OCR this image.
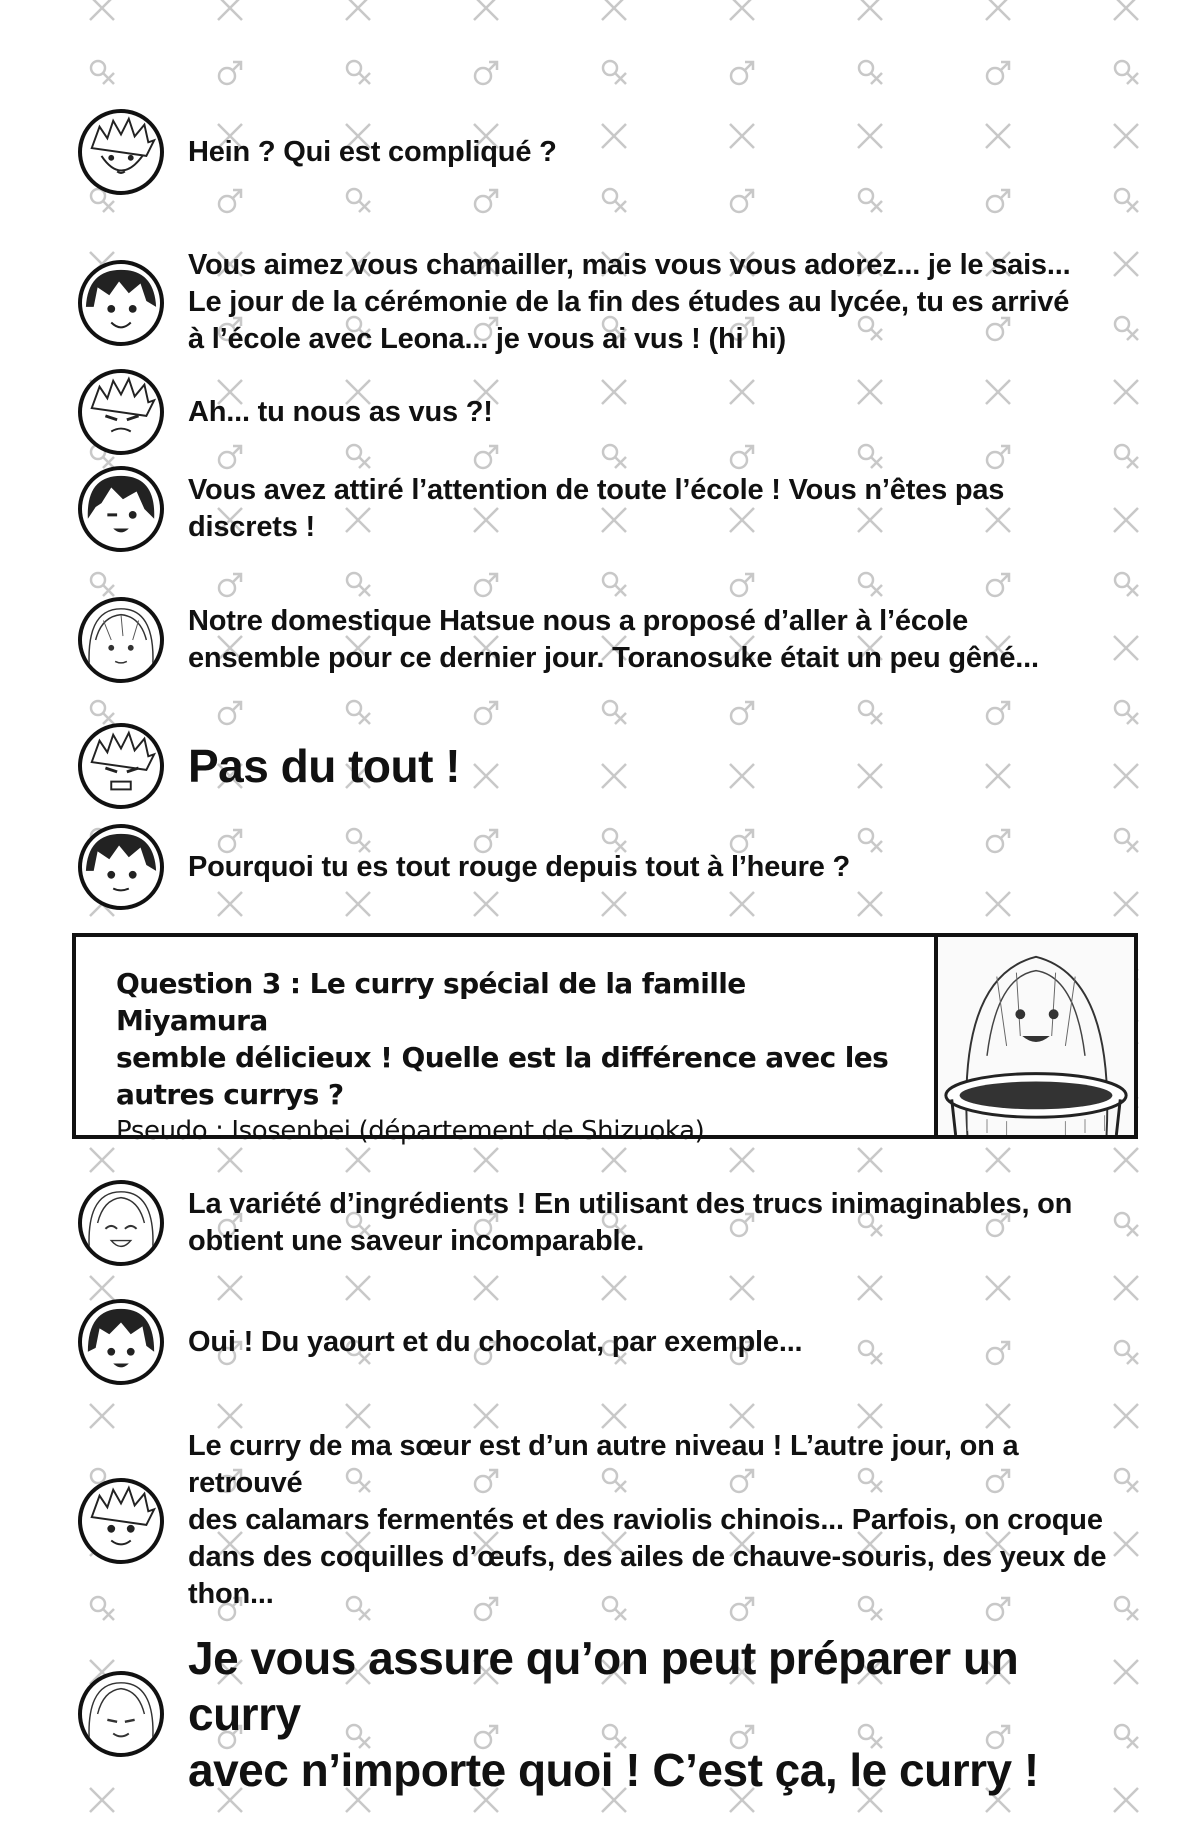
Hein ? Qui est compliqué ?
Vous aimez vous chamailler, mais vous vous adorez... je le sais...
Le jour de la cérémonie de la fin des études au lycée, tu es arrivé
à l’école avec Leona... je vous ai vus ! (hi hi)
Ah... tu nous as vus ?!
Vous avez attiré l’attention de toute l’école ! Vous n’êtes pas
discrets !
Notre domestique Hatsue nous a proposé d’aller à l’école
ensemble pour ce dernier jour. Toranosuke était un peu gêné...
Pas du tout !
Pourquoi tu es tout rouge depuis tout à l’heure ?
Question 3 : Le curry spécial de la famille Miyamura
semble délicieux ! Quelle est la différence avec les
autres currys ?
Pseudo : Isosenbei (département de Shizuoka)
La variété d’ingrédients ! En utilisant des trucs inimaginables, on
obtient une saveur incomparable.
Oui ! Du yaourt et du chocolat, par exemple...
Le curry de ma sœur est d’un autre niveau ! L’autre jour, on a retrouvé
des calamars fermentés et des raviolis chinois... Parfois, on croque
dans des coquilles d’œufs, des ailes de chauve-souris, des yeux de
thon...
Je vous assure qu’on peut préparer un curry
avec n’importe quoi ! C’est ça, le curry !
